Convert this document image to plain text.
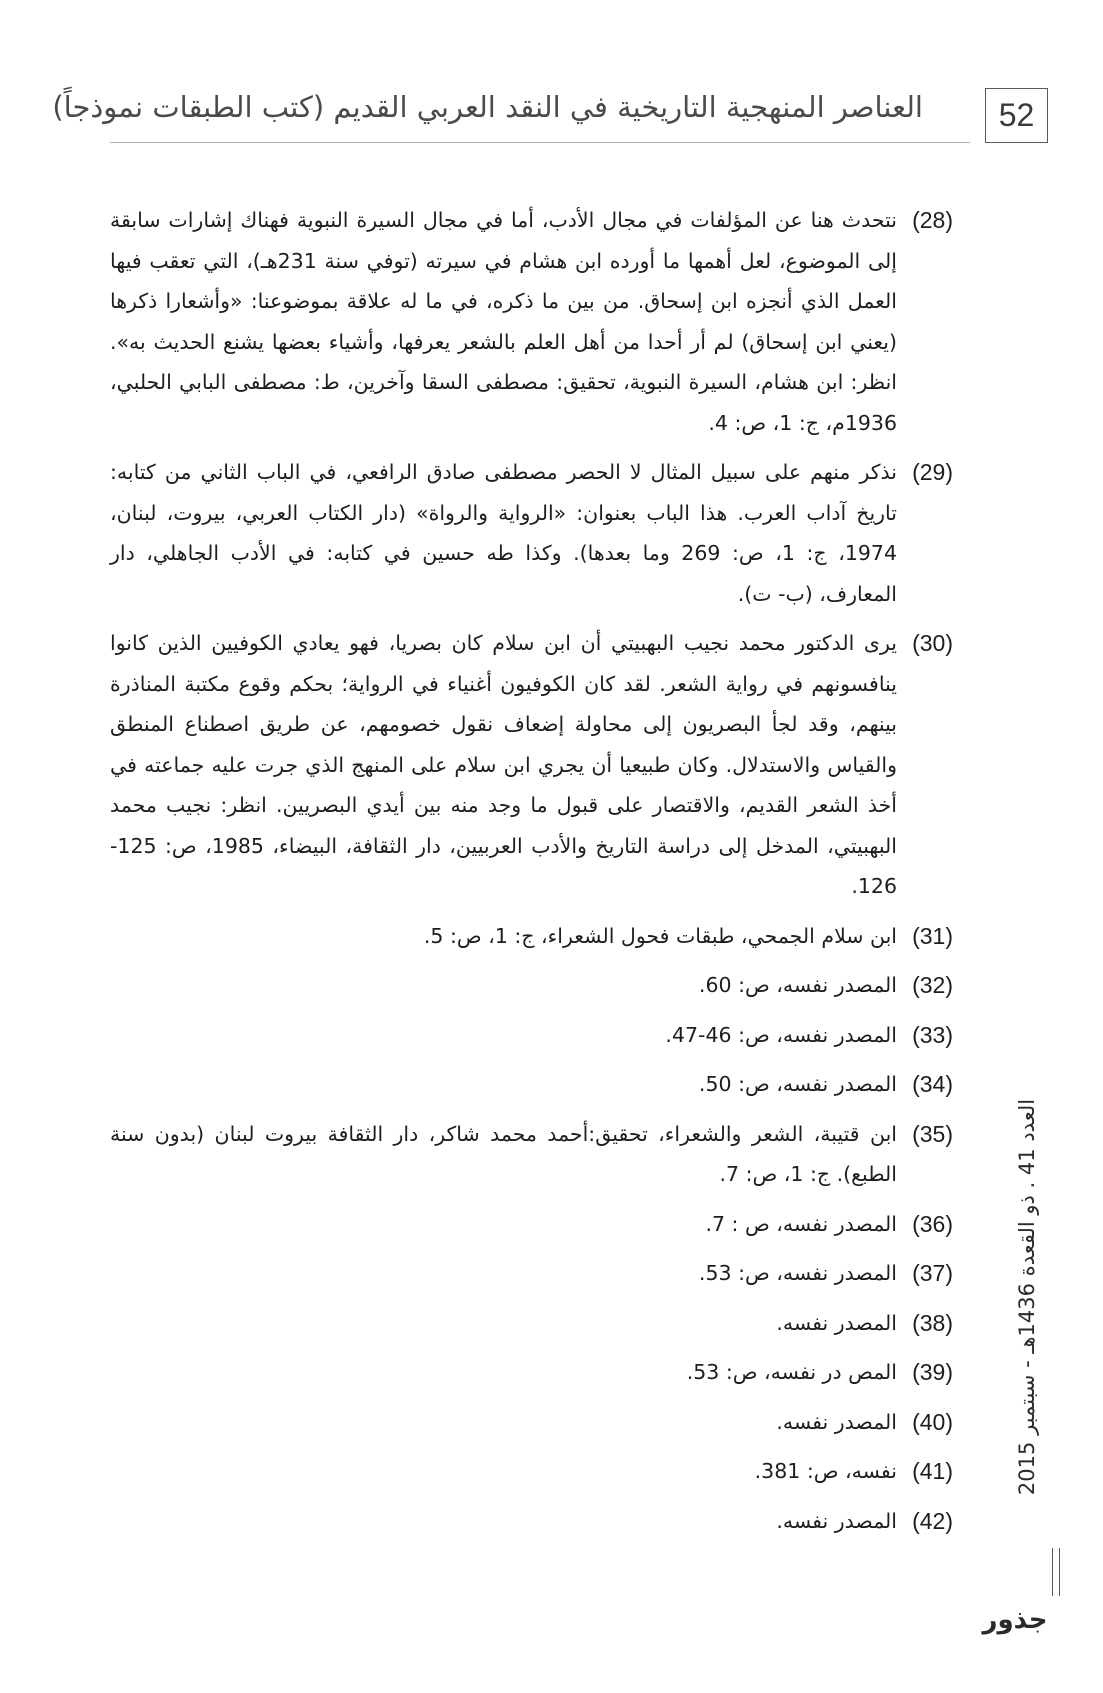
52
العناصر المنهجية التاريخية في النقد العربي القديم (كتب الطبقات نموذجاً)
(28)
نتحدث هنا عن المؤلفات في مجال الأدب، أما في مجال السيرة النبوية فهناك إشارات سابقة إلى الموضوع، لعل أهمها ما أورده ابن هشام في سيرته (توفي سنة 231هـ)، التي تعقب فيها العمل الذي أنجزه ابن إسحاق. من بين ما ذكره، في ما له علاقة بموضوعنا: «وأشعارا ذكرها (يعني ابن إسحاق) لم أر أحدا من أهل العلم بالشعر يعرفها، وأشياء بعضها يشنع الحديث به». انظر: ابن هشام، السيرة النبوية، تحقيق: مصطفى السقا وآخرين، ط: مصطفى البابي الحلبي، 1936م، ج: 1، ص: 4.
(29)
نذكر منهم على سبيل المثال لا الحصر مصطفى صادق الرافعي، في الباب الثاني من كتابه: تاريخ آداب العرب. هذا الباب بعنوان: «الرواية والرواة» (دار الكتاب العربي، بيروت، لبنان، 1974، ج: 1، ص: 269 وما بعدها). وكذا طه حسين في كتابه: في الأدب الجاهلي، دار المعارف، (ب- ت).
(30)
يرى الدكتور محمد نجيب البهبيتي أن ابن سلام كان بصريا، فهو يعادي الكوفيين الذين كانوا ينافسونهم في رواية الشعر. لقد كان الكوفيون أغنياء في الرواية؛ بحكم وقوع مكتبة المناذرة بينهم، وقد لجأ البصريون إلى محاولة إضعاف نقول خصومهم، عن طريق اصطناع المنطق والقياس والاستدلال. وكان طبيعيا أن يجري ابن سلام على المنهج الذي جرت عليه جماعته في أخذ الشعر القديم، والاقتصار على قبول ما وجد منه بين أيدي البصريين. انظر: نجيب محمد البهبيتي، المدخل إلى دراسة التاريخ والأدب العربيين، دار الثقافة، البيضاء، 1985، ص: 125-126.
(31)
ابن سلام الجمحي، طبقات فحول الشعراء، ج: 1، ص: 5.
(32)
المصدر نفسه، ص: 60.
(33)
المصدر نفسه، ص: 46-47.
(34)
المصدر نفسه، ص: 50.
(35)
ابن قتيبة، الشعر والشعراء، تحقيق:أحمد محمد شاكر، دار الثقافة بيروت لبنان (بدون سنة الطبع). ج: 1، ص: 7.
(36)
المصدر نفسه، ص : 7.
(37)
المصدر نفسه، ص: 53.
(38)
المصدر نفسه.
(39)
المص در نفسه، ص: 53.
(40)
المصدر نفسه.
(41)
نفسه، ص: 381.
(42)
المصدر نفسه.
العدد 41 . ذو القعدة 1436هـ - سبتمبر 2015
جذور
